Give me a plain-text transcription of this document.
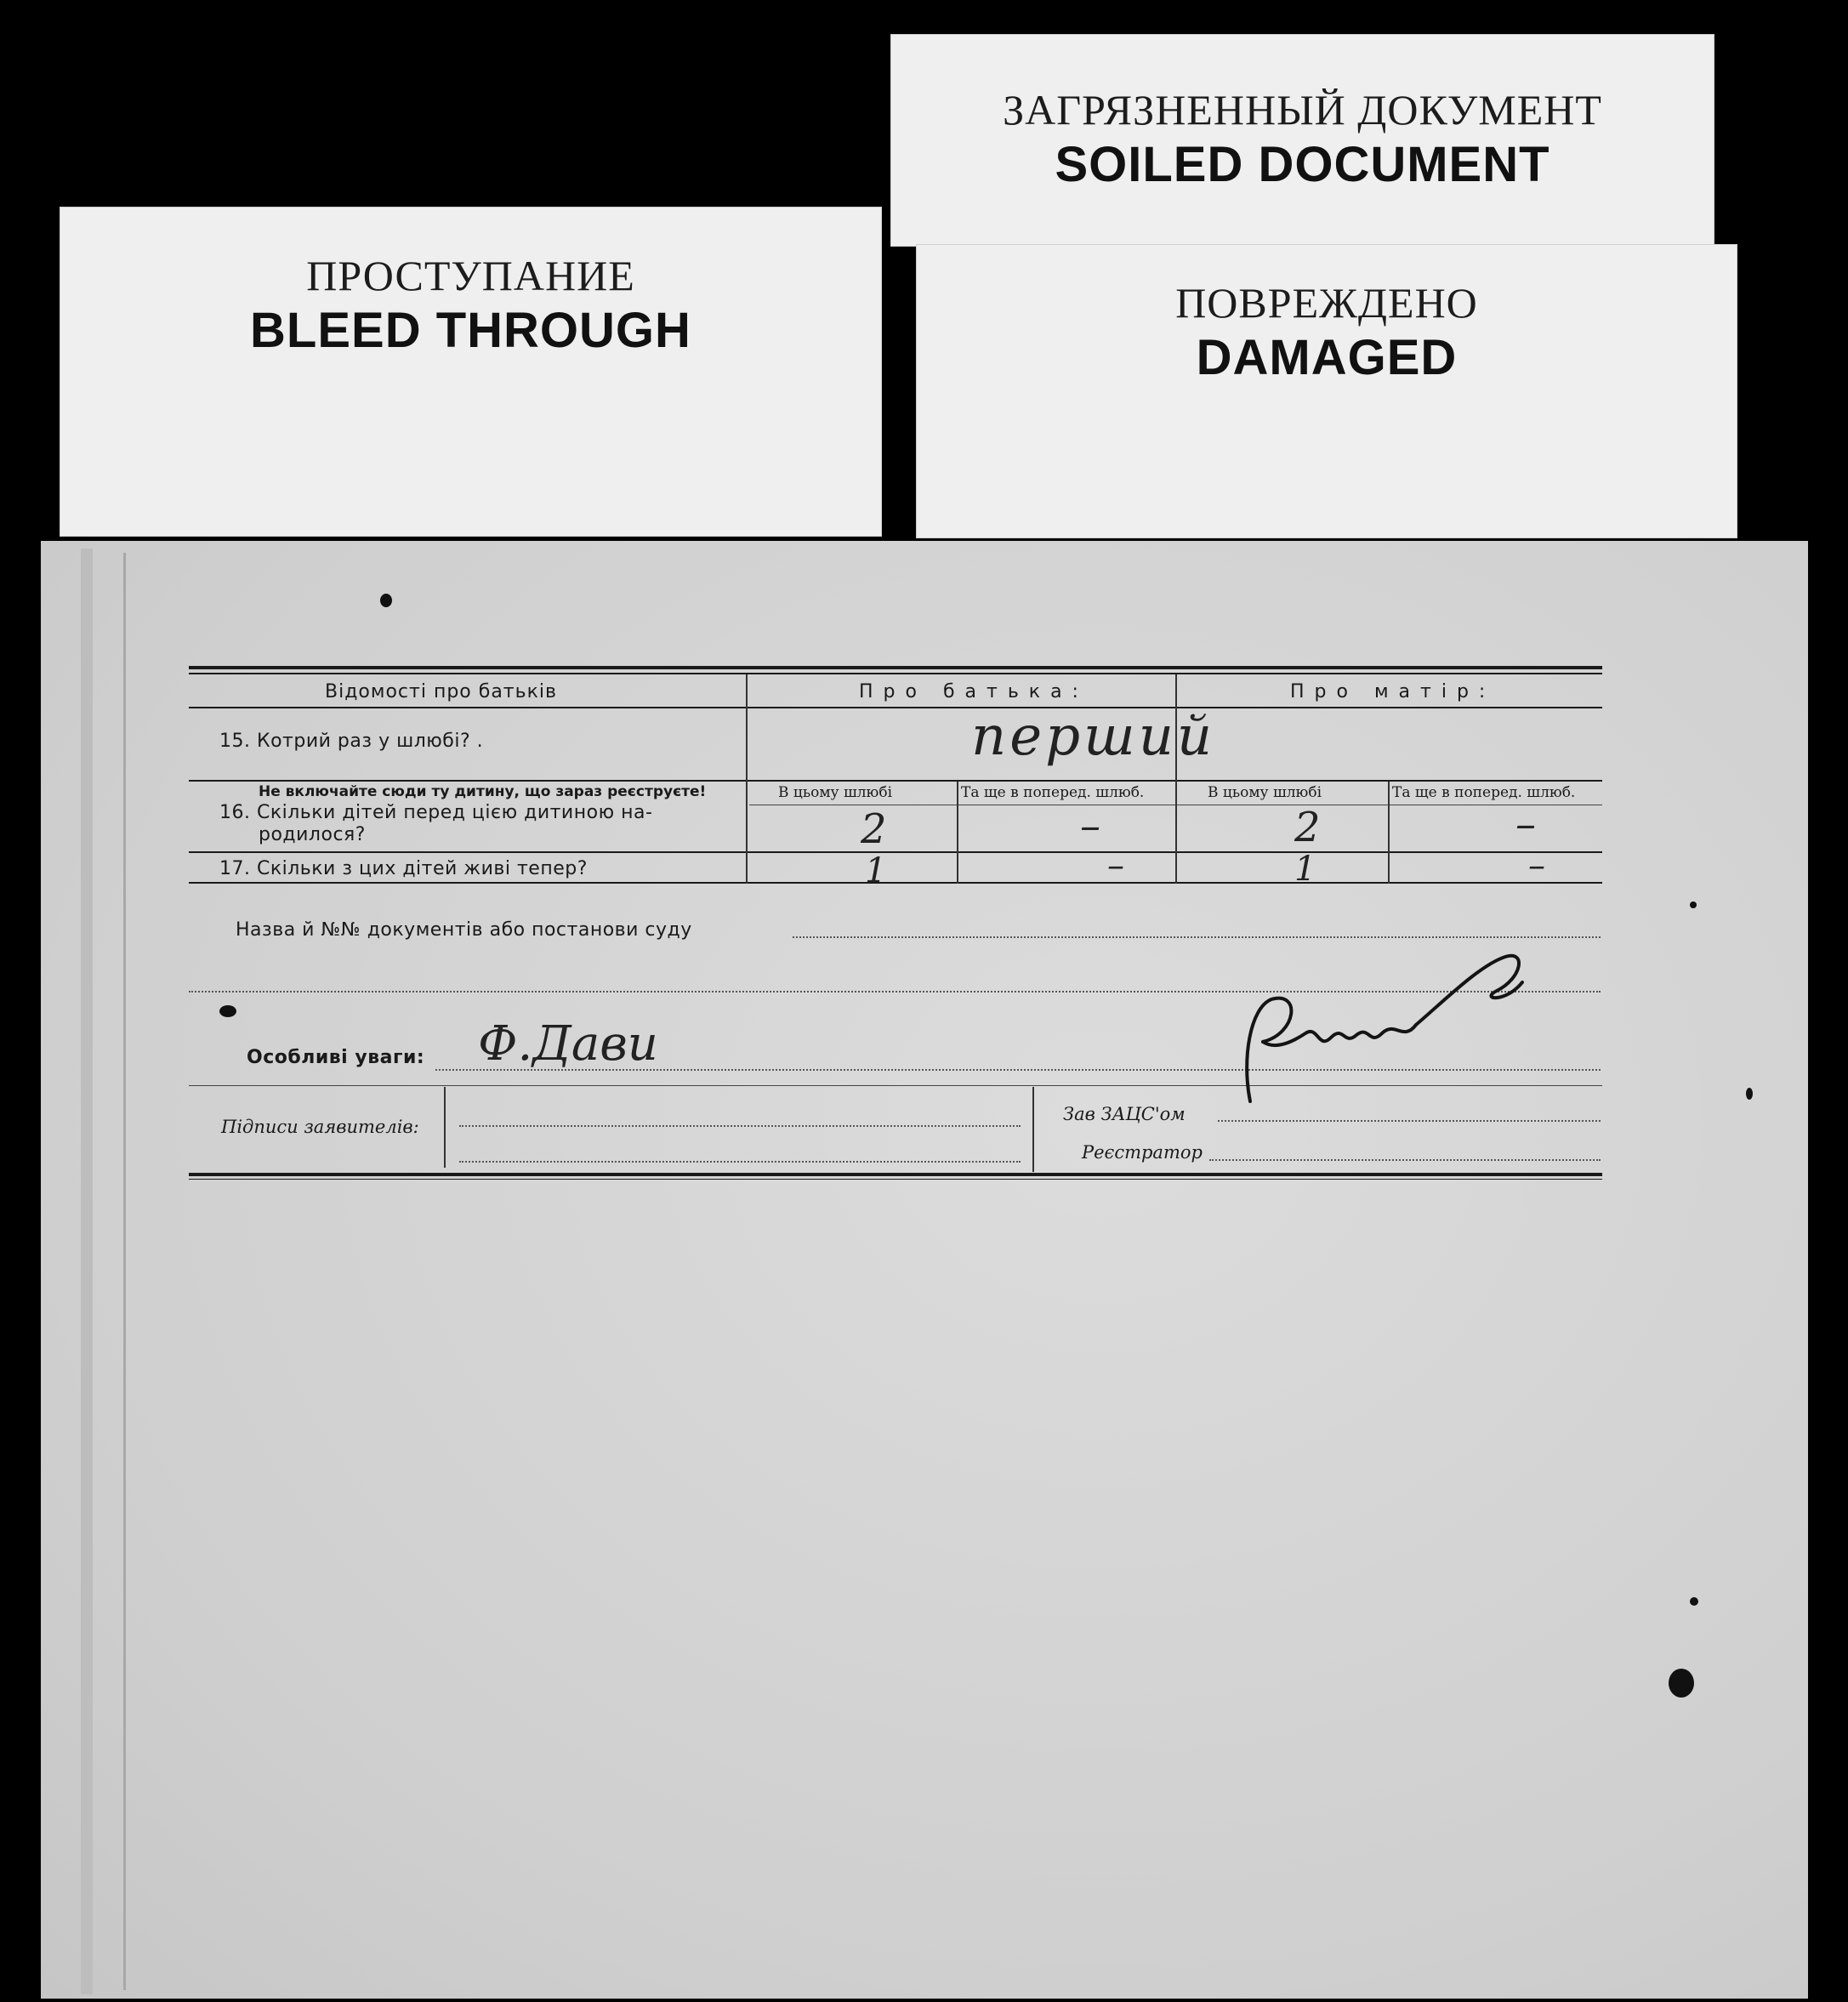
ПРОСТУПАНИЕ
BLEED THROUGH
ЗАГРЯЗНЕННЫЙ ДОКУМЕНТ
SOILED DOCUMENT
ПОВРЕЖДЕНО
DAMAGED
Відомості про батьків	Про батька:	Про матір:
15. Котрий раз у шлюбі? .	перший
Не включайте сюди ту дитину, що зараз реєструєте!
16. Скільки дітей перед цією дитиною на-
родилося?
В цьому шлюбі	Та ще в поперед. шлюб.	В цьому шлюбі	Та ще в поперед. шлюб.
2	–	2	–
17. Скільки з цих дітей живі тепер?	1	–	1	–
Назва й №№ документів або постанови суду
Особливі уваги: Ф.Дави
Підписи заявителів:
Зав ЗАЦС'ом
Реєстратор
